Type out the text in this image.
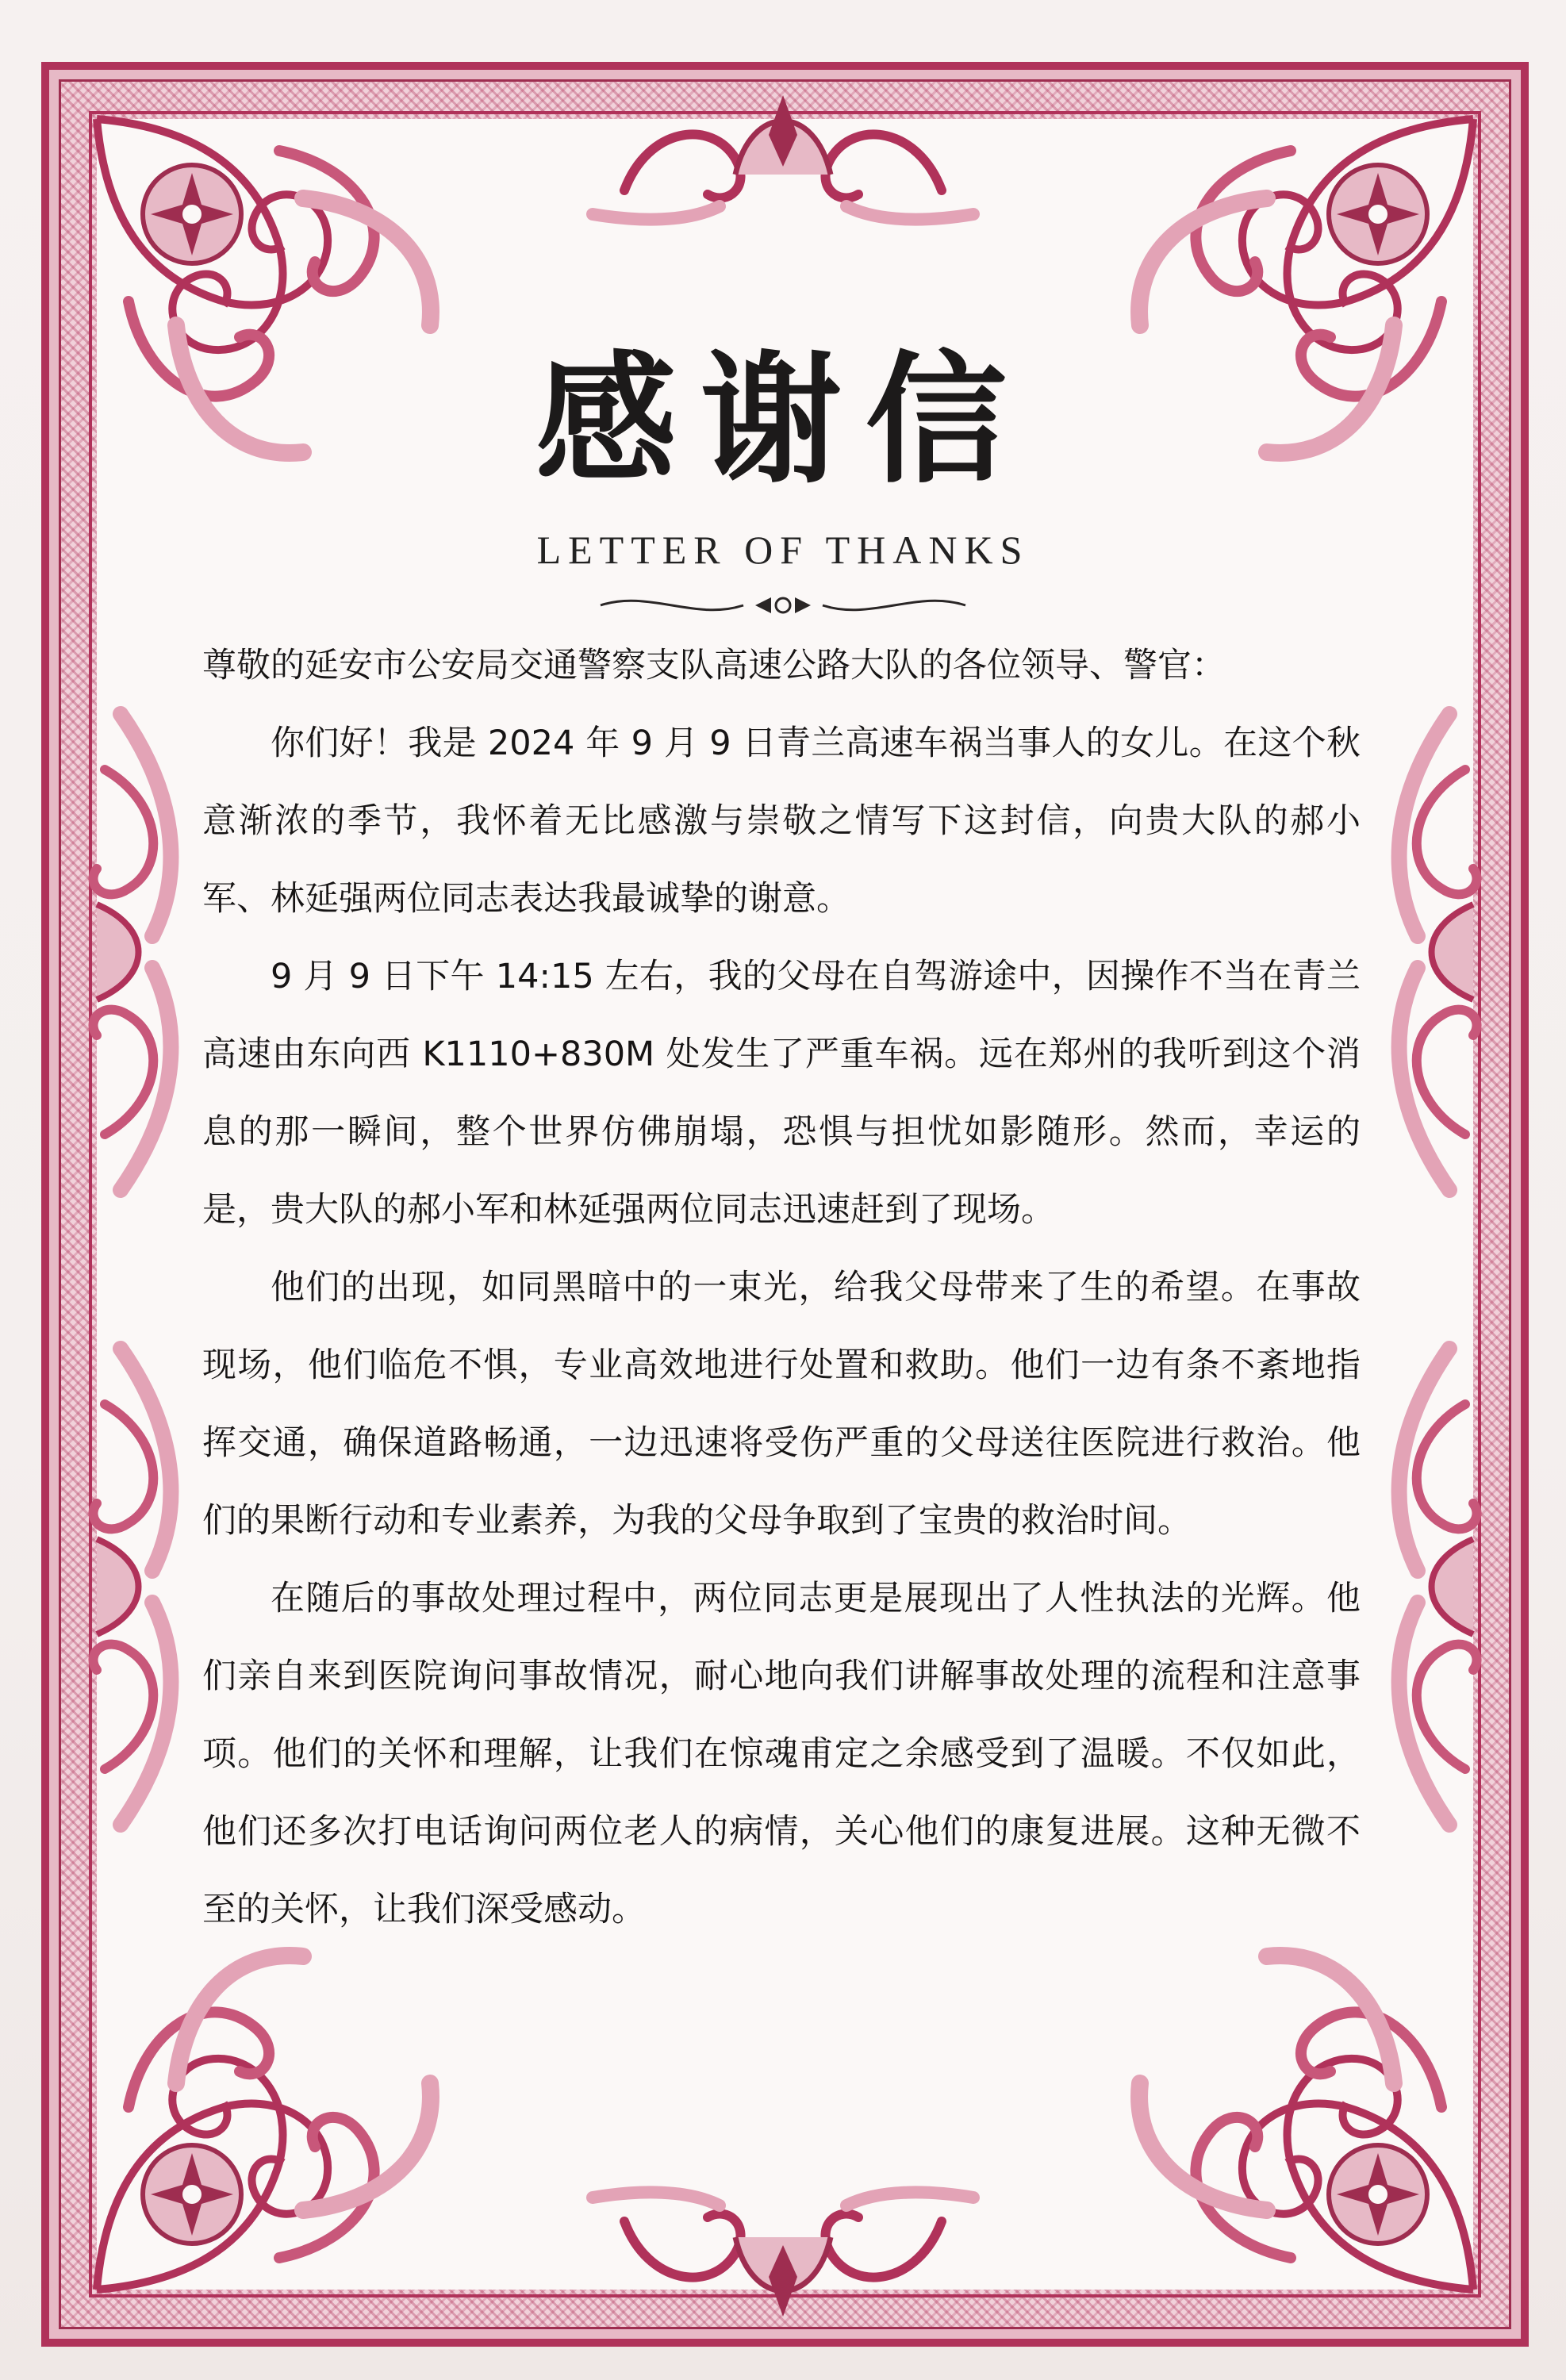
感谢信
LETTER OF THANKS

尊敬的延安市公安局交通警察支队高速公路大队的各位领导、警官：

你们好！我是 2024 年 9 月 9 日青兰高速车祸当事人的女儿。在这个秋意渐浓的季节，我怀着无比感激与崇敬之情写下这封信，向贵大队的郝小军、林延强两位同志表达我最诚挚的谢意。

9 月 9 日下午 14:15 左右，我的父母在自驾游途中，因操作不当在青兰高速由东向西 K1110+830M 处发生了严重车祸。远在郑州的我听到这个消息的那一瞬间，整个世界仿佛崩塌，恐惧与担忧如影随形。然而，幸运的是，贵大队的郝小军和林延强两位同志迅速赶到了现场。

他们的出现，如同黑暗中的一束光，给我父母带来了生的希望。在事故现场，他们临危不惧，专业高效地进行处置和救助。他们一边有条不紊地指挥交通，确保道路畅通，一边迅速将受伤严重的父母送往医院进行救治。他们的果断行动和专业素养，为我的父母争取到了宝贵的救治时间。

在随后的事故处理过程中，两位同志更是展现出了人性执法的光辉。他们亲自来到医院询问事故情况，耐心地向我们讲解事故处理的流程和注意事项。他们的关怀和理解，让我们在惊魂甫定之余感受到了温暖。不仅如此，他们还多次打电话询问两位老人的病情，关心他们的康复进展。这种无微不至的关怀，让我们深受感动。
